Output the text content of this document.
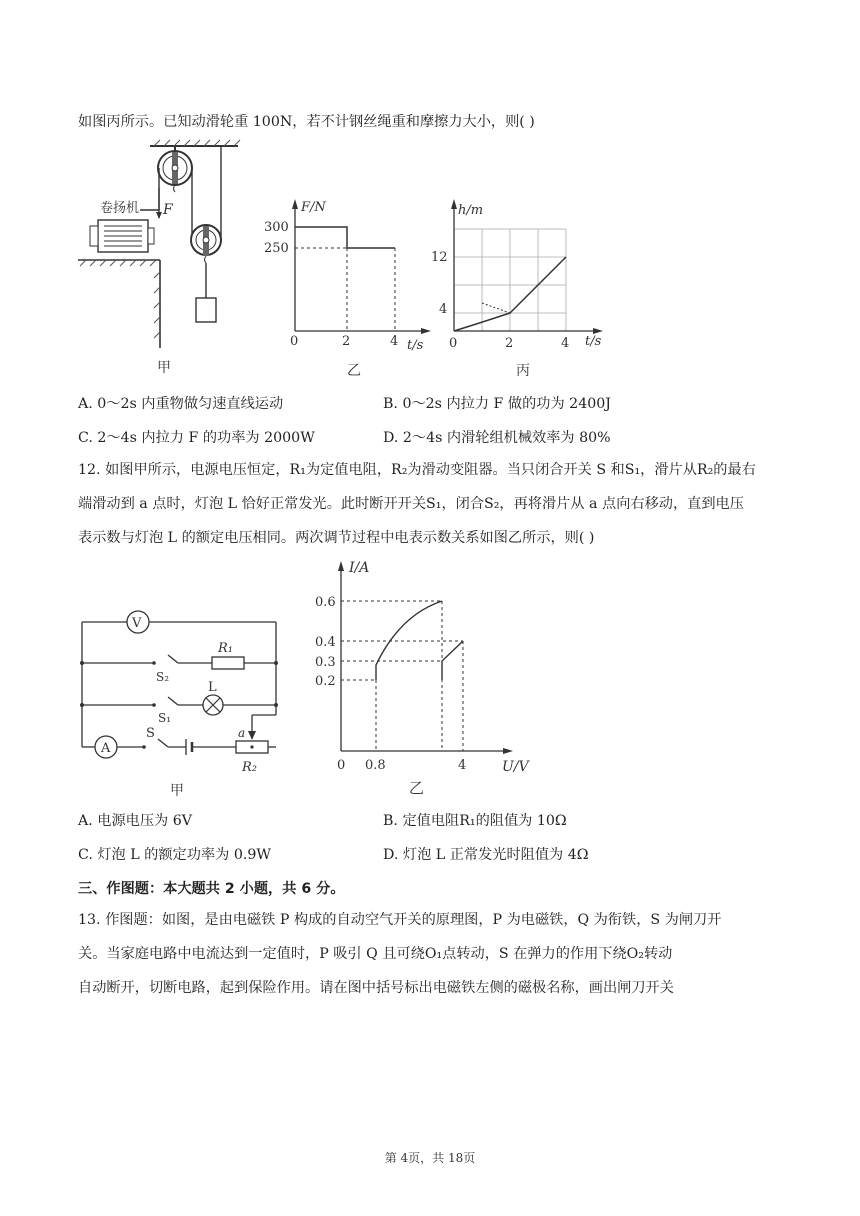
如图丙所示。已知动滑轮重 100N，若不计钢丝绳重和摩擦力大小，则( )
F
卷扬机
甲
F/N
t/s
300
250
0	2	4
乙
h/m
t/s
12
4
0	2	4
丙
A. 0～2s 内重物做匀速直线运动	B. 0～2s 内拉力 F 做的功为 2400J
C. 2～4s 内拉力 F 的功率为 2000W	D. 2～4s 内滑轮组机械效率为 80%
12. 如图甲所示，电源电压恒定，R₁为定值电阻，R₂为滑动变阻器。当只闭合开关 S 和S₁，滑片从R₂的最右
端滑动到 a 点时，灯泡 L 恰好正常发光。此时断开开关S₁，闭合S₂，再将滑片从 a 点向右移动，直到电压
表示数与灯泡 L 的额定电压相同。两次调节过程中电表示数关系如图乙所示，则( )
V
R₁
S₂
L
S₁
A
S	a
R₂
甲
I/A
U/V
0.6
0.4
0.3
0.2
0 0.8	4
乙
A. 电源电压为 6V	B. 定值电阻R₁的阻值为 10Ω
C. 灯泡 L 的额定功率为 0.9W	D. 灯泡 L 正常发光时阻值为 4Ω
三、作图题：本大题共 2 小题，共 6 分。
13. 作图题：如图，是由电磁铁 P 构成的自动空气开关的原理图，P 为电磁铁，Q 为衔铁，S 为闸刀开
关。当家庭电路中电流达到一定值时，P 吸引 Q 且可绕O₁点转动，S 在弹力的作用下绕O₂转动
自动断开，切断电路，起到保险作用。请在图中括号标出电磁铁左侧的磁极名称，画出闸刀开关
第 4页，共 18页
